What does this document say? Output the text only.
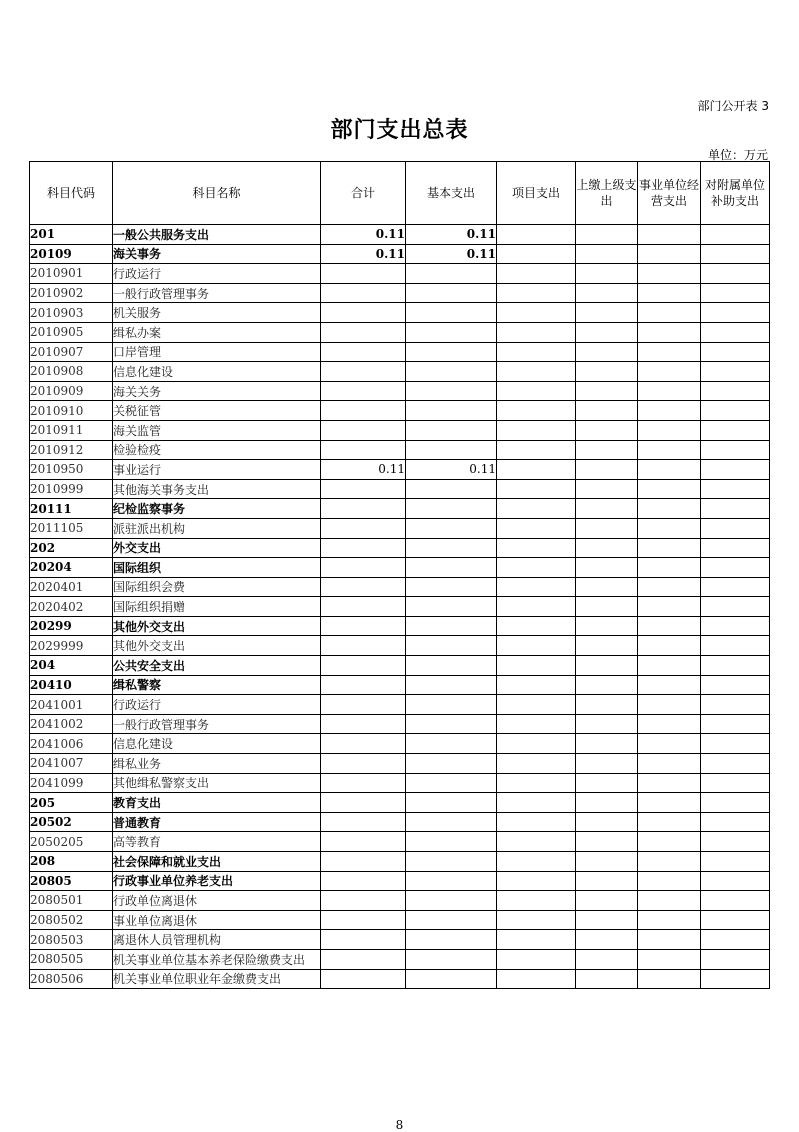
部门公开表 3
部门支出总表
单位：万元
科目代码	科目名称	合计	基本支出	项目支出	上缴上级支出	事业单位经营支出	对附属单位补助支出
201	一般公共服务支出	0.11	0.11				
20109	海关事务	0.11	0.11				
2010901	行政运行						
2010902	一般行政管理事务						
2010903	机关服务						
2010905	缉私办案						
2010907	口岸管理						
2010908	信息化建设						
2010909	海关关务						
2010910	关税征管						
2010911	海关监管						
2010912	检验检疫						
2010950	事业运行	0.11	0.11				
2010999	其他海关事务支出						
20111	纪检监察事务						
2011105	派驻派出机构						
202	外交支出						
20204	国际组织						
2020401	国际组织会费						
2020402	国际组织捐赠						
20299	其他外交支出						
2029999	其他外交支出						
204	公共安全支出						
20410	缉私警察						
2041001	行政运行						
2041002	一般行政管理事务						
2041006	信息化建设						
2041007	缉私业务						
2041099	其他缉私警察支出						
205	教育支出						
20502	普通教育						
2050205	高等教育						
208	社会保障和就业支出						
20805	行政事业单位养老支出						
2080501	行政单位离退休						
2080502	事业单位离退休						
2080503	离退休人员管理机构						
2080505	机关事业单位基本养老保险缴费支出						
2080506	机关事业单位职业年金缴费支出						
8
